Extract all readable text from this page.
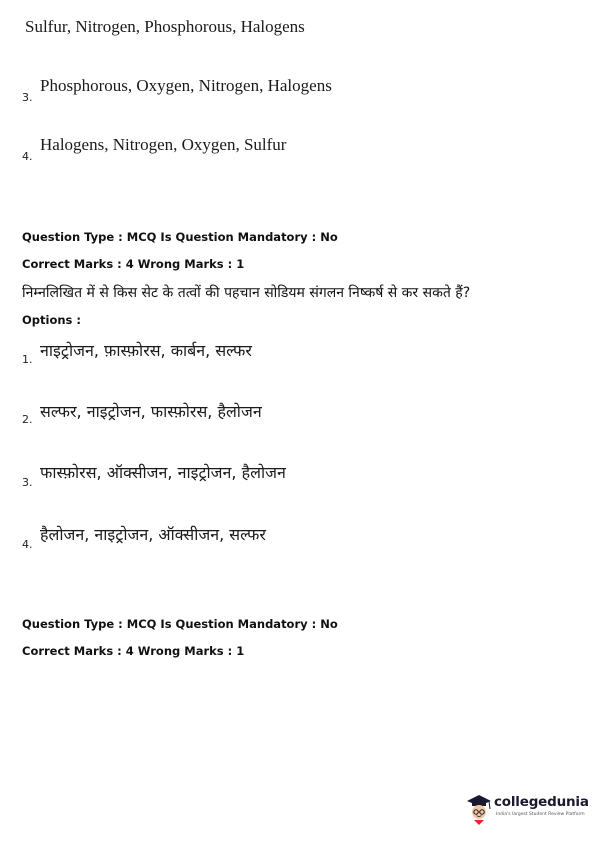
Sulfur, Nitrogen, Phosphorous, Halogens
3.
Phosphorous, Oxygen, Nitrogen, Halogens
4.
Halogens, Nitrogen, Oxygen, Sulfur
Question Type : MCQ Is Question Mandatory : No
Correct Marks : 4 Wrong Marks : 1
निम्नलिखित में से किस सेट के तत्वों की पहचान सोडियम संगलन निष्कर्ष से कर सकते हैं?
Options :
1. नाइट्रोजन, फ़ास्फ़ोरस, कार्बन, सल्फर
2. सल्फर, नाइट्रोजन, फास्फ़ोरस, हैलोजन
3.
फास्फ़ोरस, ऑक्सीजन, नाइट्रोजन, हैलोजन
4.
हैलोजन, नाइट्रोजन, ऑक्सीजन, सल्फर
Question Type : MCQ Is Question Mandatory : No
Correct Marks : 4 Wrong Marks : 1
collegedunia
India's largest Student Review Platform
